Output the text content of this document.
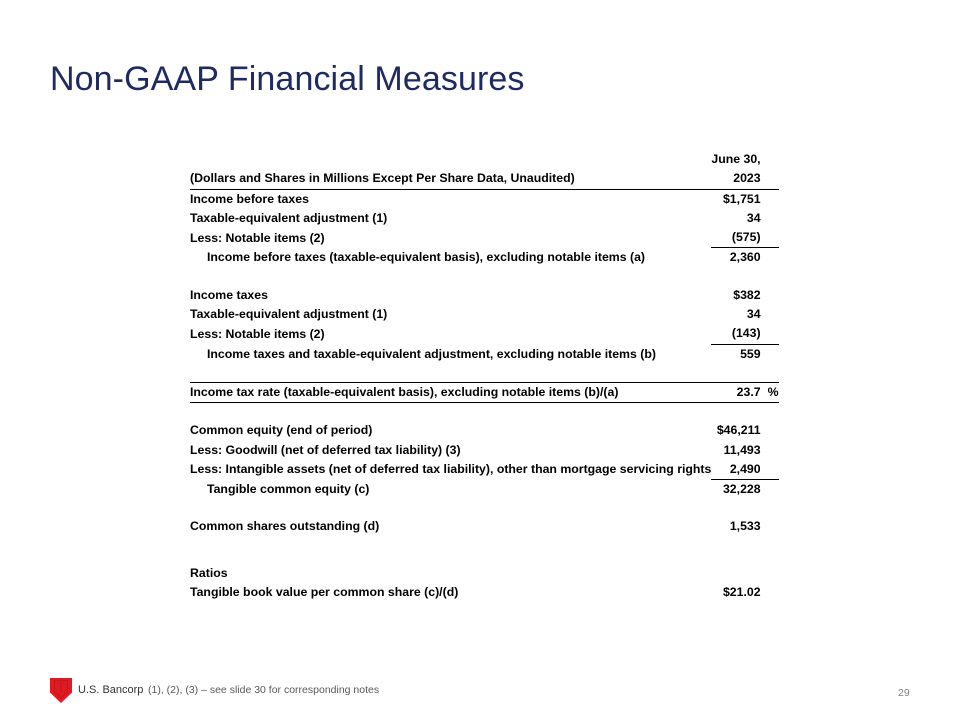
Non-GAAP Financial Measures
	June 30,	
(Dollars and Shares in Millions Except Per Share Data, Unaudited)	2023	
Income before taxes	$1,751	
Taxable-equivalent adjustment (1)	34	
Less: Notable items (2)	(575)	
Income before taxes (taxable-equivalent basis), excluding notable items (a)	2,360	

Income taxes	$382	
Taxable-equivalent adjustment (1)	34	
Less: Notable items (2)	(143)	
Income taxes and taxable-equivalent adjustment, excluding notable items (b)	559	

Income tax rate (taxable-equivalent basis), excluding notable items (b)/(a)	23.7	%

Common equity (end of period)	$46,211	
Less: Goodwill (net of deferred tax liability) (3)	11,493	
Less: Intangible assets (net of deferred tax liability), other than mortgage servicing rights	2,490	
Tangible common equity (c)	32,228	

Common shares outstanding (d)	1,533	

Ratios		
Tangible book value per common share (c)/(d)	$21.02	
U.S. Bancorp (1), (2), (3) – see slide 30 for corresponding notes	29
